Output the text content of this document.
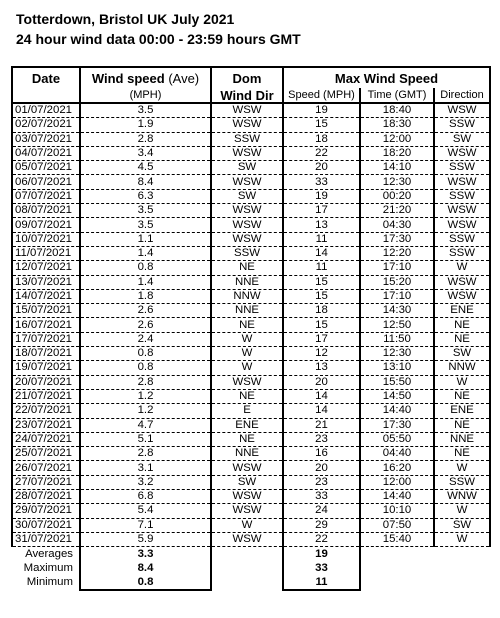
Totterdown, Bristol UK July 2021
24 hour wind data 00:00 - 23:59 hours GMT
Date	Wind speed (Ave)	Dom	Max Wind Speed		
	(MPH)	Wind Dir	Speed (MPH)	Time (GMT)	Direction
01/07/2021	3.5	WSW	19	18:40	WSW
02/07/2021	1.9	WSW	15	18:30	SSW
03/07/2021	2.8	SSW	18	12:00	SW
04/07/2021	3.4	WSW	22	18:20	WSW
05/07/2021	4.5	SW	20	14:10	SSW
06/07/2021	8.4	WSW	33	12:30	WSW
07/07/2021	6.3	SW	19	00:20	SSW
08/07/2021	3.5	WSW	17	21:20	WSW
09/07/2021	3.5	WSW	13	04:30	WSW
10/07/2021	1.1	WSW	11	17:30	SSW
11/07/2021	1.4	SSW	14	12:20	SSW
12/07/2021	0.8	NE	11	17:10	W
13/07/2021	1.4	NNE	15	15:20	WSW
14/07/2021	1.8	NNW	15	17:10	WSW
15/07/2021	2.6	NNE	18	14:30	ENE
16/07/2021	2.6	NE	15	12:50	NE
17/07/2021	2.4	W	17	11:50	NE
18/07/2021	0.8	W	12	12:30	SW
19/07/2021	0.8	W	13	13:10	NNW
20/07/2021	2.8	WSW	20	15:50	W
21/07/2021	1.2	NE	14	14:50	NE
22/07/2021	1.2	E	14	14:40	ENE
23/07/2021	4.7	ENE	21	17:30	NE
24/07/2021	5.1	NE	23	05:50	NNE
25/07/2021	2.8	NNE	16	04:40	NE
26/07/2021	3.1	WSW	20	16:20	W
27/07/2021	3.2	SW	23	12:00	SSW
28/07/2021	6.8	WSW	33	14:40	WNW
29/07/2021	5.4	WSW	24	10:10	W
30/07/2021	7.1	W	29	07:50	SW
31/07/2021	5.9	WSW	22	15:40	W
Averages	3.3		19		
Maximum	8.4		33		
Minimum	0.8		11		
